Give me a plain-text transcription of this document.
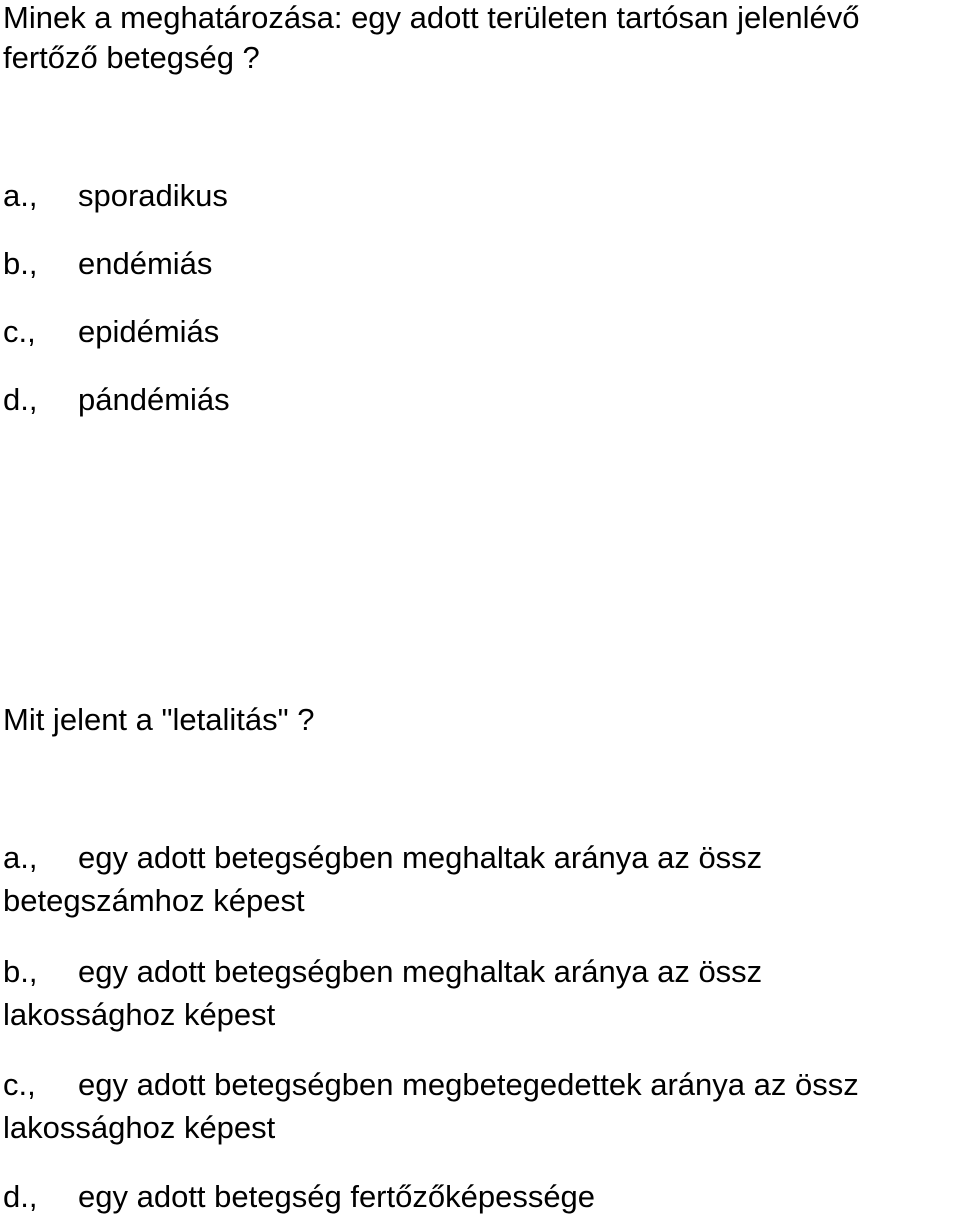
Minek a meghatározása: egy adott területen tartósan jelenlévő

fertőző betegség ?

a., sporadikus
b., endémiás
c., epidémiás
d., pándémiás

Mit jelent a "letalitás" ?

a., egy adott betegségben meghaltak aránya az össz
betegszámhoz képest
b., egy adott betegségben meghaltak aránya az össz
lakossághoz képest
c., egy adott betegségben megbetegedettek aránya az össz
lakossághoz képest
d., egy adott betegség fertőzőképessége
